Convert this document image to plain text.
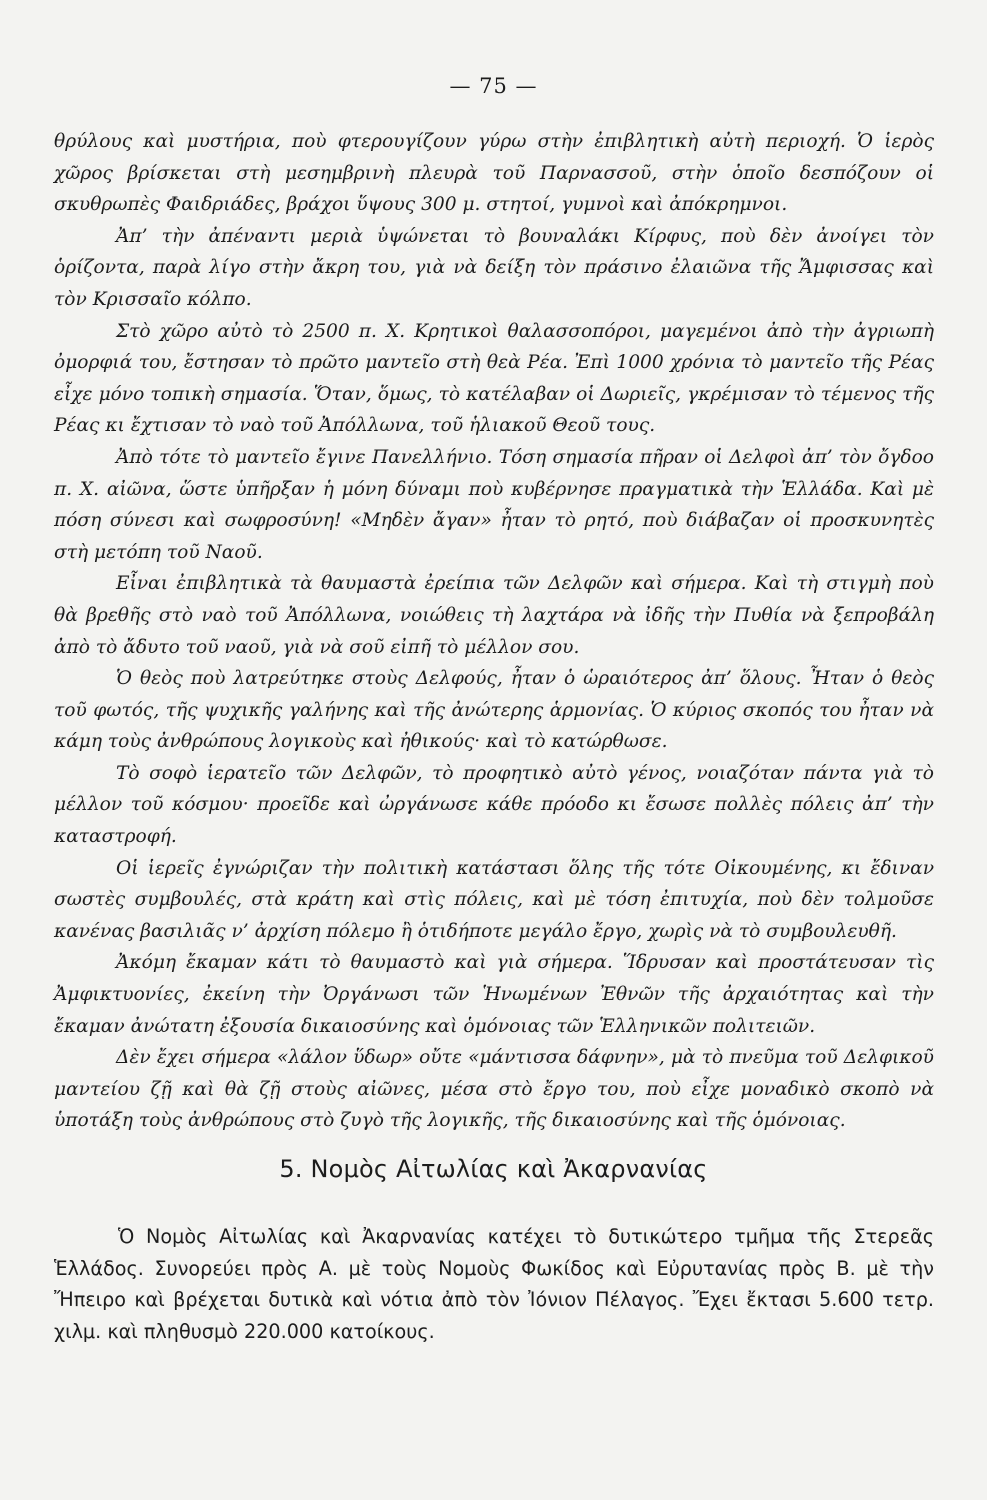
— 75 —

θρύλους καὶ μυστήρια, ποὺ φτερουγίζουν γύρω στὴν ἐπιβλητικὴ αὐτὴ περιοχή. Ὁ ἱερὸς χῶρος βρίσκεται στὴ μεσημβρινὴ πλευρὰ τοῦ Παρνασσοῦ, στὴν ὁποῖο δεσπόζουν οἱ σκυθρωπὲς Φαιδριάδες, βράχοι ὕψους 300 μ. στητοί, γυμνοὶ καὶ ἀπόκρημνοι.

Ἀπ’ τὴν ἀπέναντι μεριὰ ὑψώνεται τὸ βουναλάκι Κίρφυς, ποὺ δὲν ἀνοίγει τὸν ὁρίζοντα, παρὰ λίγο στὴν ἄκρη του, γιὰ νὰ δείξη τὸν πράσινο ἐλαιῶνα τῆς Ἄμφισσας καὶ τὸν Κρισσαῖο κόλπο.

Στὸ χῶρο αὐτὸ τὸ 2500 π. Χ. Κρητικοὶ θαλασσοπόροι, μαγεμένοι ἀπὸ τὴν ἀγριωπὴ ὀμορφιά του, ἔστησαν τὸ πρῶτο μαντεῖο στὴ θεὰ Ρέα. Ἐπὶ 1000 χρόνια τὸ μαντεῖο τῆς Ρέας εἶχε μόνο τοπικὴ σημασία. Ὅταν, ὅμως, τὸ κατέλαβαν οἱ Δωριεῖς, γκρέμισαν τὸ τέμενος τῆς Ρέας κι ἔχτισαν τὸ ναὸ τοῦ Ἀπόλλωνα, τοῦ ἡλιακοῦ Θεοῦ τους.

Ἀπὸ τότε τὸ μαντεῖο ἔγινε Πανελλήνιο. Τόση σημασία πῆραν οἱ Δελφοὶ ἀπ’ τὸν ὄγδοο π. Χ. αἰῶνα, ὥστε ὑπῆρξαν ἡ μόνη δύναμι ποὺ κυβέρνησε πραγματικὰ τὴν Ἑλλάδα. Καὶ μὲ πόση σύνεσι καὶ σωφροσύνη! «Μηδὲν ἄγαν» ἦταν τὸ ρητό, ποὺ διάβαζαν οἱ προσκυνητὲς στὴ μετόπη τοῦ Ναοῦ.

Εἶναι ἐπιβλητικὰ τὰ θαυμαστὰ ἐρείπια τῶν Δελφῶν καὶ σήμερα. Καὶ τὴ στιγμὴ ποὺ θὰ βρεθῆς στὸ ναὸ τοῦ Ἀπόλλωνα, νοιώθεις τὴ λαχτάρα νὰ ἰδῆς τὴν Πυθία νὰ ξεπροβάλη ἀπὸ τὸ ἄδυτο τοῦ ναοῦ, γιὰ νὰ σοῦ εἰπῆ τὸ μέλλον σου.

Ὁ θεὸς ποὺ λατρεύτηκε στοὺς Δελφούς, ἦταν ὁ ὡραιότερος ἀπ’ ὅλους. Ἦταν ὁ θεὸς τοῦ φωτός, τῆς ψυχικῆς γαλήνης καὶ τῆς ἀνώτερης ἁρμονίας. Ὁ κύριος σκοπός του ἦταν νὰ κάμη τοὺς ἀνθρώπους λογικοὺς καὶ ἠθικούς· καὶ τὸ κατώρθωσε.

Τὸ σοφὸ ἱερατεῖο τῶν Δελφῶν, τὸ προφητικὸ αὐτὸ γένος, νοιαζόταν πάντα γιὰ τὸ μέλλον τοῦ κόσμου· προεῖδε καὶ ὠργάνωσε κάθε πρόοδο κι ἔσωσε πολλὲς πόλεις ἀπ’ τὴν καταστροφή.

Οἱ ἱερεῖς ἐγνώριζαν τὴν πολιτικὴ κατάστασι ὅλης τῆς τότε Οἰκουμένης, κι ἔδιναν σωστὲς συμβουλές, στὰ κράτη καὶ στὶς πόλεις, καὶ μὲ τόση ἐπιτυχία, ποὺ δὲν τολμοῦσε κανένας βασιλιᾶς ν’ ἀρχίση πόλεμο ἢ ὁτιδήποτε μεγάλο ἔργο, χωρὶς νὰ τὸ συμβουλευθῆ.

Ἀκόμη ἔκαμαν κάτι τὸ θαυμαστὸ καὶ γιὰ σήμερα. Ἵδρυσαν καὶ προστάτευσαν τὶς Ἀμφικτυονίες, ἐκείνη τὴν Ὀργάνωσι τῶν Ἡνωμένων Ἐθνῶν τῆς ἀρχαιότητας καὶ τὴν ἔκαμαν ἀνώτατη ἐξουσία δικαιοσύνης καὶ ὁμόνοιας τῶν Ἑλληνικῶν πολιτειῶν.

Δὲν ἔχει σήμερα «λάλον ὕδωρ» οὔτε «μάντισσα δάφνην», μὰ τὸ πνεῦμα τοῦ Δελφικοῦ μαντείου ζῇ καὶ θὰ ζῇ στοὺς αἰῶνες, μέσα στὸ ἔργο του, ποὺ εἶχε μοναδικὸ σκοπὸ νὰ ὑποτάξη τοὺς ἀνθρώπους στὸ ζυγὸ τῆς λογικῆς, τῆς δικαιοσύνης καὶ τῆς ὁμόνοιας.

5. Νομὸς Αἰτωλίας καὶ Ἀκαρνανίας

Ὁ Νομὸς Αἰτωλίας καὶ Ἀκαρνανίας κατέχει τὸ δυτικώτερο τμῆμα τῆς Στερεᾶς Ἑλλάδος. Συνορεύει πρὸς Α. μὲ τοὺς Νομοὺς Φωκίδος καὶ Εὐρυτανίας πρὸς Β. μὲ τὴν Ἤπειρο καὶ βρέχεται δυτικὰ καὶ νότια ἀπὸ τὸν Ἰόνιον Πέλαγος. Ἔχει ἔκτασι 5.600 τετρ. χιλμ. καὶ πληθυσμὸ 220.000 κατοίκους.
